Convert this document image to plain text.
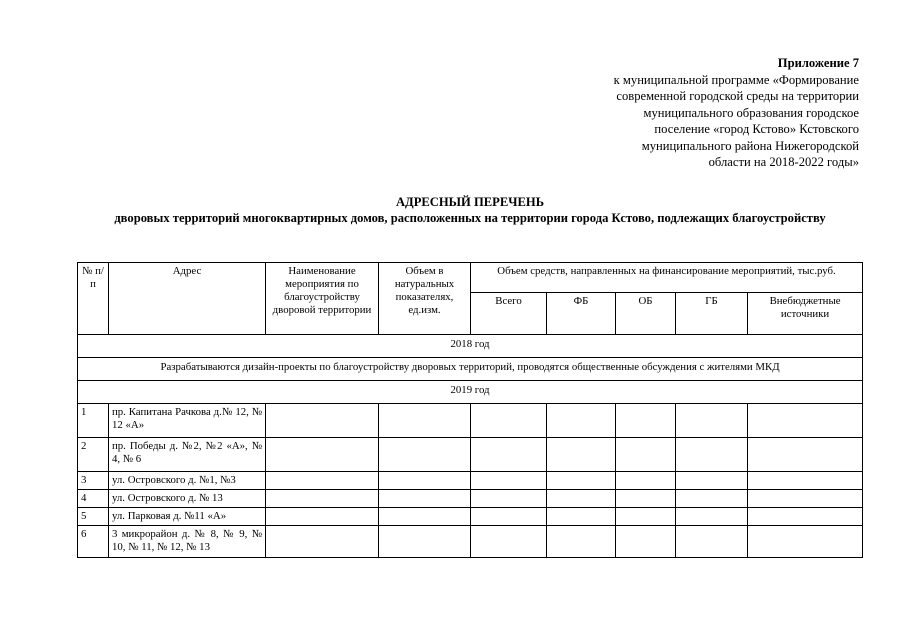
Приложение 7
к муниципальной программе «Формирование
современной городской среды на территории
муниципального образования городское
поселение «город Кстово» Кстовского
муниципального района Нижегородской
области на 2018-2022 годы»
АДРЕСНЫЙ ПЕРЕЧЕНЬ
дворовых территорий многоквартирных домов, расположенных на территории города Кстово, подлежащих благоустройству
№ п/п	Адрес	Наименование мероприятия по благоустройству дворовой территории	Объем в натуральных показателях, ед.изм.	Объем средств, направленных на финансирование мероприятий, тыс.руб.				
				Всего	ФБ	ОБ	ГБ	Внебюджетные источники
2018 год								
Разрабатываются дизайн-проекты по благоустройству дворовых территорий, проводятся общественные обсуждения с жителями МКД								
2019 год								
1	пр. Капитана Рачкова д.№ 12, № 12 «А»							
2	пр. Победы д. №2, №2 «А», № 4, № 6							
3	ул. Островского д. №1, №3							
4	ул. Островского д. № 13							
5	ул. Парковая д. №11 «А»							
6	3 микрорайон д. № 8, № 9, № 10, № 11, № 12, № 13							
